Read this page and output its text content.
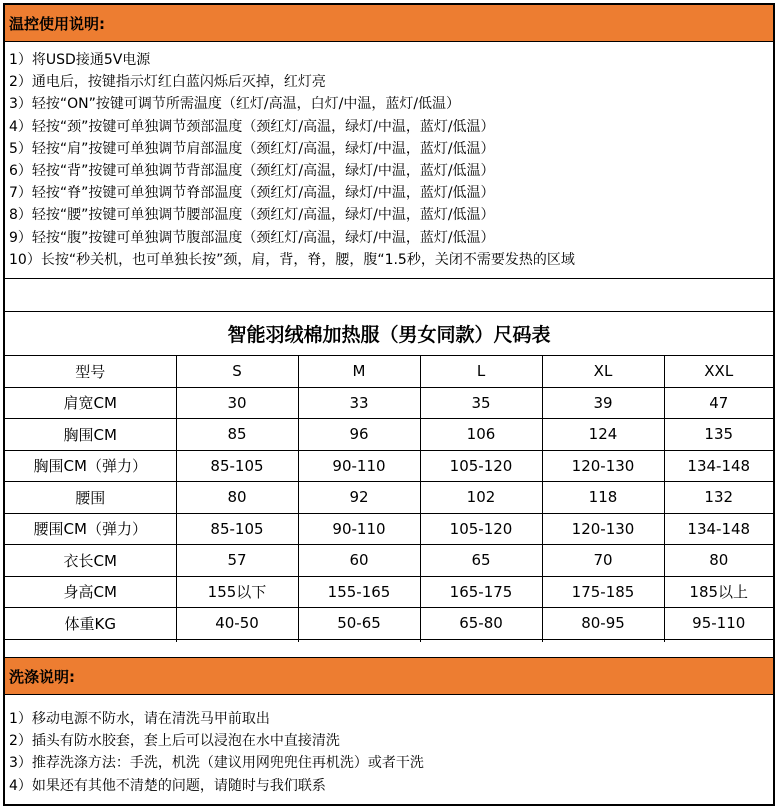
温控使用说明:
1）将USD接通5V电源
2）通电后，按键指示灯红白蓝闪烁后灭掉，红灯亮
3）轻按“ON”按键可调节所需温度（红灯/高温，白灯/中温，蓝灯/低温）
4）轻按“颈”按键可单独调节颈部温度（颈红灯/高温，绿灯/中温，蓝灯/低温）
5）轻按“肩”按键可单独调节肩部温度（颈红灯/高温，绿灯/中温，蓝灯/低温）
6）轻按“背”按键可单独调节背部温度（颈红灯/高温，绿灯/中温，蓝灯/低温）
7）轻按“脊”按键可单独调节脊部温度（颈红灯/高温，绿灯/中温，蓝灯/低温）
8）轻按“腰”按键可单独调节腰部温度（颈红灯/高温，绿灯/中温，蓝灯/低温）
9）轻按“腹”按键可单独调节腹部温度（颈红灯/高温，绿灯/中温，蓝灯/低温）
10）长按“秒关机，也可单独长按”颈，肩，背，脊，腰，腹“1.5秒，关闭不需要发热的区域
智能羽绒棉加热服（男女同款）尺码表
型号	S	M	L	XL	XXL
肩宽CM	30	33	35	39	47
胸围CM	85	96	106	124	135
胸围CM（弹力）	85-105	90-110	105-120	120-130	134-148
腰围	80	92	102	118	132
腰围CM（弹力）	85-105	90-110	105-120	120-130	134-148
衣长CM	57	60	65	70	80
身高CM	155以下	155-165	165-175	175-185	185以上
体重KG	40-50	50-65	65-80	80-95	95-110

洗涤说明:
1）移动电源不防水，请在清洗马甲前取出
2）插头有防水胶套，套上后可以浸泡在水中直接清洗
3）推荐洗涤方法：手洗，机洗（建议用网兜兜住再机洗）或者干洗
4）如果还有其他不清楚的问题，请随时与我们联系
